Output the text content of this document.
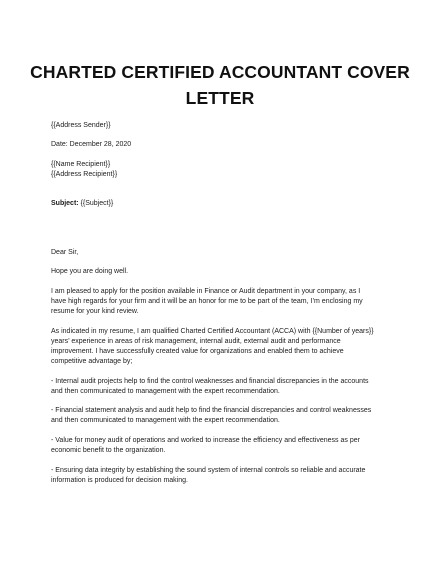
CHARTED CERTIFIED ACCOUNTANT COVER
LETTER
{{Address Sender}}
Date: December 28, 2020
{{Name Recipient}}
{{Address Recipient}}
Subject: {{Subject}}
Dear Sir,
Hope you are doing well.
I am pleased to apply for the position available in Finance or Audit department in your company, as I
have high regards for your firm and it will be an honor for me to be part of the team, I’m enclosing my
resume for your kind review.
As indicated in my resume, I am qualified Charted Certified Accountant (ACCA) with {{Number of years}}
years’ experience in areas of risk management, internal audit, external audit and performance
improvement. I have successfully created value for organizations and enabled them to achieve
competitive advantage by;
- Internal audit projects help to find the control weaknesses and financial discrepancies in the accounts
and then communicated to management with the expert recommendation.
- Financial statement analysis and audit help to find the financial discrepancies and control weaknesses
and then communicated to management with the expert recommendation.
- Value for money audit of operations and worked to increase the efficiency and effectiveness as per
economic benefit to the organization.
- Ensuring data integrity by establishing the sound system of internal controls so reliable and accurate
information is produced for decision making.
